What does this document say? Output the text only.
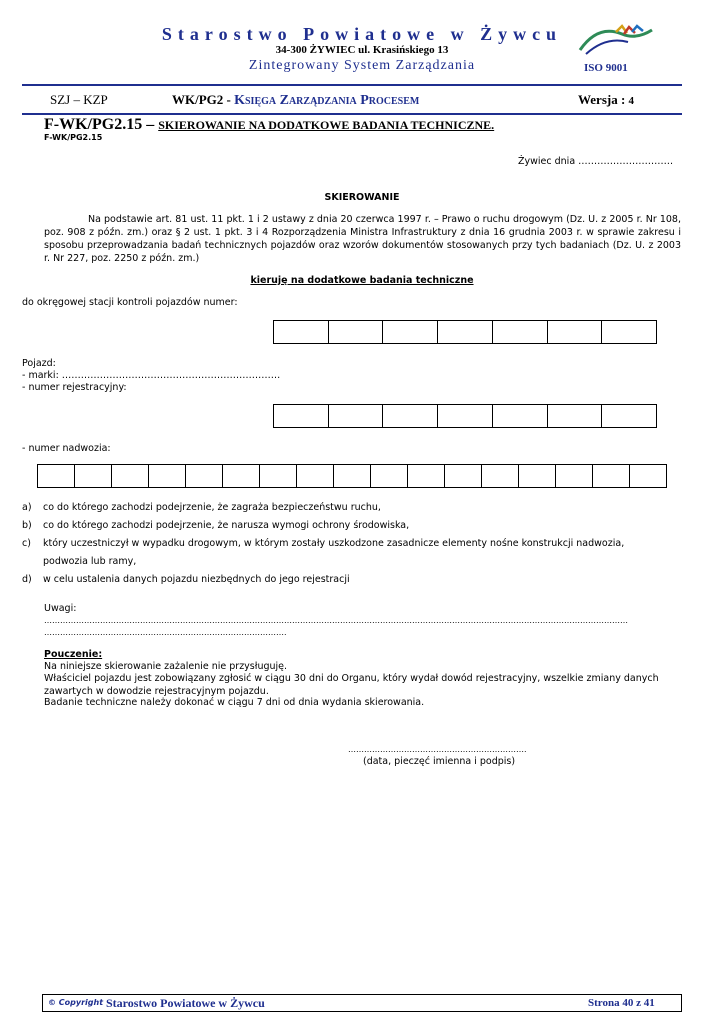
Starostwo Powiatowe w Żywcu
34-300 ŻYWIEC ul. Krasińskiego 13
Zintegrowany System Zarządzania	ISO 9001
SZJ – KZP	WK/PG2 - Księga Zarządzania Procesem	Wersja : 4
F-WK/PG2.15 – SKIEROWANIE NA DODATKOWE BADANIA TECHNICZNE.
F-WK/PG2.15
Żywiec dnia …………………………
SKIEROWANIE
Na podstawie art. 81 ust. 11 pkt. 1 i 2 ustawy z dnia 20 czerwca 1997 r. – Prawo o ruchu drogowym (Dz. U. z 2005 r. Nr 108, poz. 908 z późn. zm.) oraz § 2 ust. 1 pkt. 3 i 4 Rozporządzenia Ministra Infrastruktury z dnia 16 grudnia 2003 r. w sprawie zakresu i sposobu przeprowadzania badań technicznych pojazdów oraz wzorów dokumentów stosowanych przy tych badaniach (Dz. U. z 2003 r. Nr 227, poz. 2250 z późn. zm.)
kieruję na dodatkowe badania techniczne
do okręgowej stacji kontroli pojazdów numer:
Pojazd:
- marki: ……………………………………………………………
- numer rejestracyjny:
- numer nadwozia:
a) co do którego zachodzi podejrzenie, że zagraża bezpieczeństwu ruchu,
b) co do którego zachodzi podejrzenie, że narusza wymogi ochrony środowiska,
c) który uczestniczył w wypadku drogowym, w którym zostały uszkodzone zasadnicze elementy nośne konstrukcji nadwozia,
podwozia lub ramy,
d) w celu ustalenia danych pojazdu niezbędnych do jego rejestracji
Uwagi:
…………………………………………………………………………………………………………………………………………………………………………………………………
……………………………………………………………………………….
Pouczenie:
Na niniejsze skierowanie zażalenie nie przysługuję.
Właściciel pojazdu jest zobowiązany zgłosić w ciągu 30 dni do Organu, który wydał dowód rejestracyjny, wszelkie zmiany danych zawartych w dowodzie rejestracyjnym pojazdu.
Badanie techniczne należy dokonać w ciągu 7 dni od dnia wydania skierowania.
………………………………………………………….
(data, pieczęć imienna i podpis)
© Copyright Starostwo Powiatowe w Żywcu	Strona 40 z 41
